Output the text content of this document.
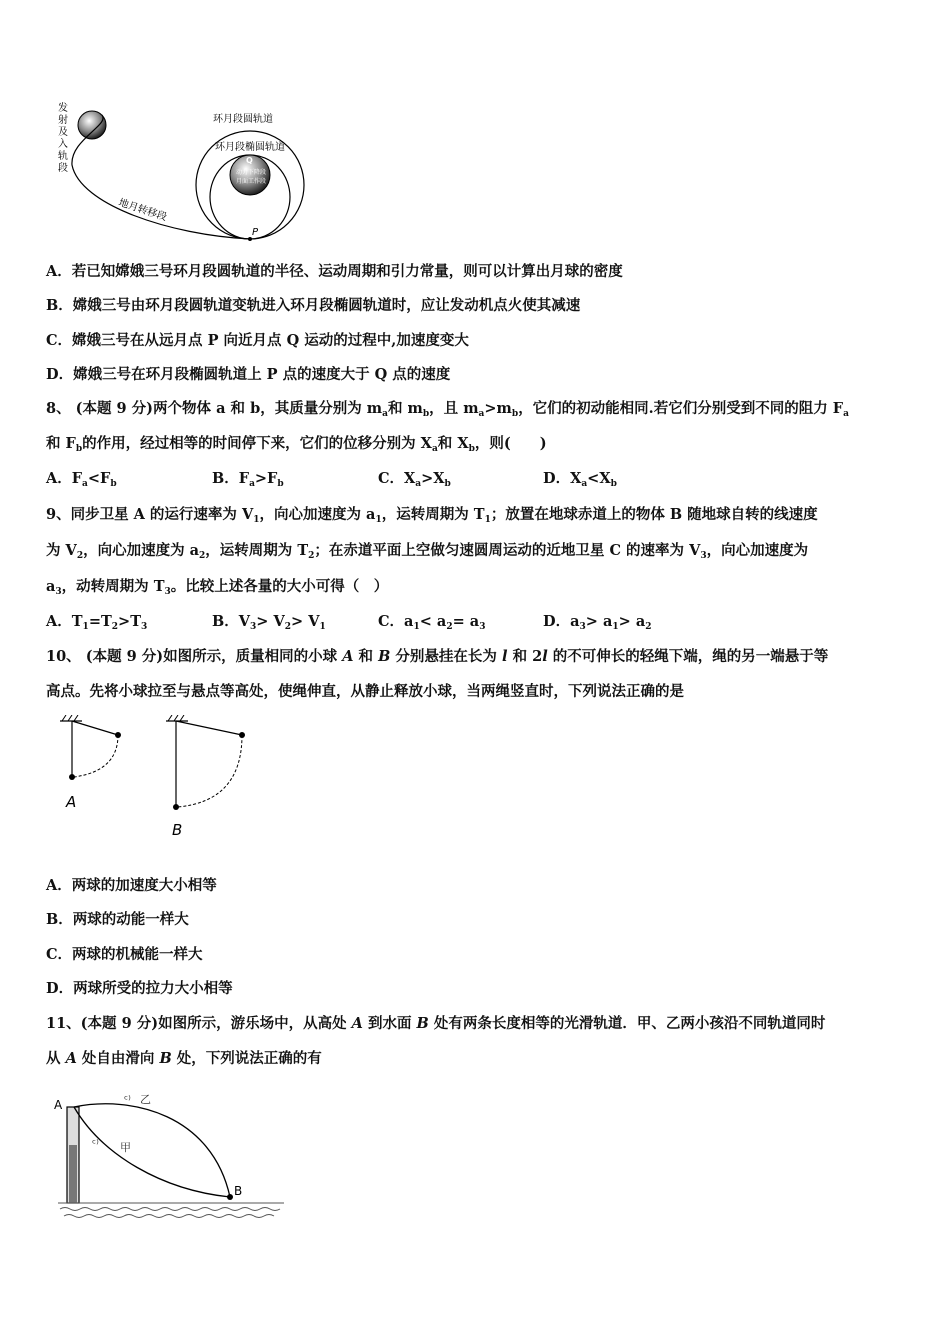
发
射
及
入
轨
段
地月转移段
环月段圆轨道
环月段椭圆轨道
Q
动力下降段
月面工作段
P
A．若已知嫦娥三号环月段圆轨道的半径、运动周期和引力常量，则可以计算出月球的密度
B．嫦娥三号由环月段圆轨道变轨进入环月段椭圆轨道时，应让发动机点火使其减速
C．嫦娥三号在从远月点 P 向近月点 Q 运动的过程中,加速度变大
D．嫦娥三号在环月段椭圆轨道上 P 点的速度大于 Q 点的速度
8、 (本题 9 分)两个物体 a 和 b，其质量分别为 $m_a$和 $m_b$，且 $m_a>m_b$，它们的初动能相同.若它们分别受到不同的阻力 $F_a$
和 $F_b$的作用，经过相等的时间停下来，它们的位移分别为 $X_a$和 $X_b$，则(　　)
A．$F_a<F_b$	B．$F_a>F_b$	C．$X_a>X_b$	D．$X_a<X_b$
9、同步卫星 A 的运行速率为 $V_1$，向心加速度为 $a_1$，运转周期为 $T_1$；放置在地球赤道上的物体 B 随地球自转的线速度
为 $V_2$，向心加速度为 $a_2$，运转周期为 $T_2$；在赤道平面上空做匀速圆周运动的近地卫星 C 的速率为 $V_3$，向心加速度为
$a_3$，动转周期为 $T_3$。比较上述各量的大小可得（　）
A．$T_1=T_2>T_3$	B．$V_3> V_2> V_1$	C．$a_1< a_2= a_3$	D．$a_3> a_1> a_2$
10、 (本题 9 分)如图所示，质量相同的小球 A 和 B 分别悬挂在长为 l 和 2l 的不可伸长的轻绳下端，绳的另一端悬于等
高点。先将小球拉至与悬点等高处，使绳伸直，从静止释放小球，当两绳竖直时，下列说法正确的是
A
B
A．两球的加速度大小相等
B．两球的动能一样大
C．两球的机械能一样大
D．两球所受的拉力大小相等
11、(本题 9 分)如图所示，游乐场中，从高处 A 到水面 B 处有两条长度相等的光滑轨道．甲、乙两小孩沿不同轨道同时
从 A 处自由滑向 B 处，下列说法正确的有
A	ᶜ⁾ 乙
ᶜ⁾ 甲
B
